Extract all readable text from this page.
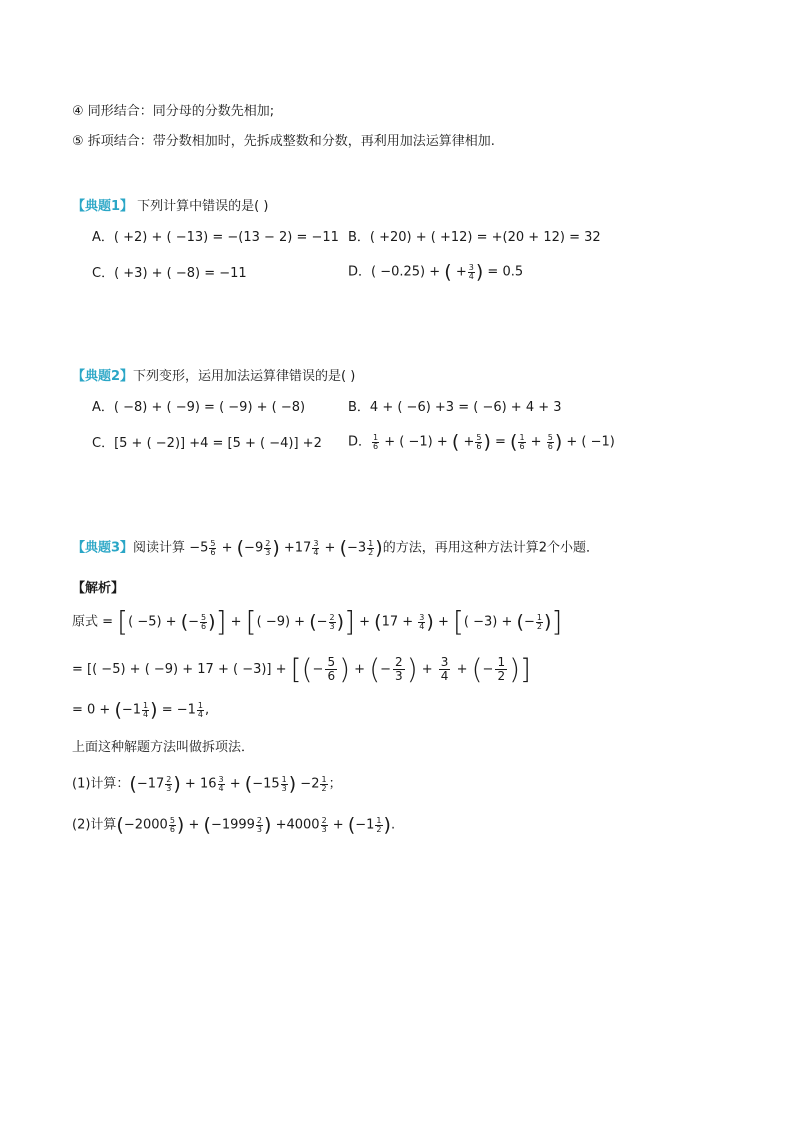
④ 同形结合：同分母的分数先相加;
⑤ 拆项结合：带分数相加时，先拆成整数和分数，再利用加法运算律相加.
【典题1】 下列计算中错误的是( )
A．( +2) + ( −13) = −(13 − 2) = −11 B．( +20) + ( +12) = +(20 + 12) = 32
C．( +3) + ( −8) = −11	D．( −0.25) + ( + $\frac{3}{4}$ ) = 0.5
【典题2】下列变形，运用加法运算律错误的是( )
A．( −8) + ( −9) = ( −9) + ( −8)	B．4 + ( −6) +3 = ( −6) + 4 + 3
C．[5 + ( −2)] +4 = [5 + ( −4)] +2 D． $\frac{1}{6}$ + ( −1) + ( + $\frac{5}{6}$ ) = ( $\frac{1}{6} + \frac{5}{6}$ ) + ( −1)
【典题3】阅读计算 $-5 \frac{5}{6} + (-9 \frac{2}{3}$ ) $+17 \frac{3}{4} + (-3 \frac{1}{2}$ )的方法，再用这种方法计算2个小题．
【解析】
原式 = [( −5) + (− $\frac{5}{6}$ )] + [( −9) + (− $\frac{2}{3}$ )] + ($17 + \frac{3}{4}$ ) + [( −3) + (− $\frac{1}{2}$ )]
= [( −5) + ( −9) + 17 + ( −3)] + [(− $\frac{5}{6}$ ) + (− $\frac{2}{3}$ ) + $\frac{3}{4}$ + (− $\frac{1}{2}$ )]
= $0 + (-1 \frac{1}{4}$ ) = $-1 \frac{1}{4}$ ,
上面这种解题方法叫做拆项法．
(1)计算：($-17 \frac{2}{3}$ ) + $16 \frac{3}{4} + (-15 \frac{1}{3}$ ) $-2 \frac{1}{2}$ ；
(2)计算($-2000 \frac{5}{6}$ ) + ($-1999 \frac{2}{3}$ ) $+4000 \frac{2}{3} + (-1 \frac{1}{2}$ ).
